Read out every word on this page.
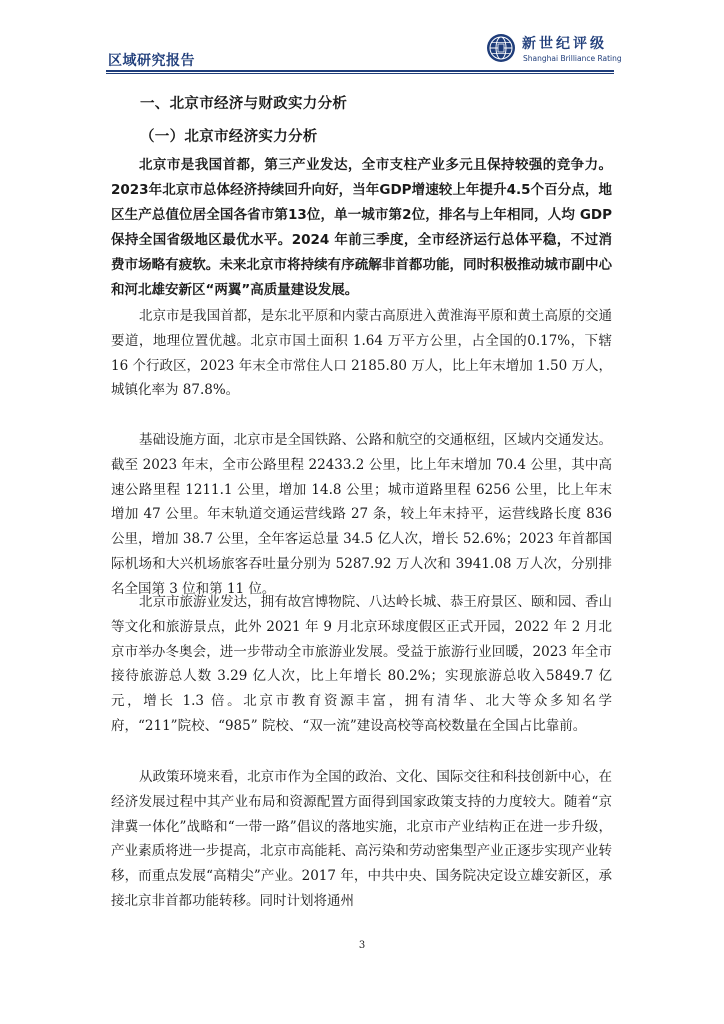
区域研究报告
新世纪评级
Shanghai Brilliance Rating
一、北京市经济与财政实力分析
（一）北京市经济实力分析

北京市是我国首都，第三产业发达，全市支柱产业多元且保持较强的竞争力。2023年北京市总体经济持续回升向好，当年GDP增速较上年提升4.5个百分点，地区生产总值位居全国各省市第13位，单一城市第2位，排名与上年相同，人均 GDP 保持全国省级地区最优水平。2024 年前三季度，全市经济运行总体平稳，不过消费市场略有疲软。未来北京市将持续有序疏解非首都功能，同时积极推动城市副中心和河北雄安新区“两翼”高质量建设发展。

北京市是我国首都，是东北平原和内蒙古高原进入黄淮海平原和黄土高原的交通要道，地理位置优越。北京市国土面积 1.64 万平方公里，占全国的0.17%，下辖 16 个行政区，2023 年末全市常住人口 2185.80 万人，比上年末增加 1.50 万人，城镇化率为 87.8%。

基础设施方面，北京市是全国铁路、公路和航空的交通枢纽，区域内交通发达。截至 2023 年末，全市公路里程 22433.2 公里，比上年末增加 70.4 公里，其中高速公路里程 1211.1 公里，增加 14.8 公里；城市道路里程 6256 公里，比上年末增加 47 公里。年末轨道交通运营线路 27 条，较上年末持平，运营线路长度 836 公里，增加 38.7 公里，全年客运总量 34.5 亿人次，增长 52.6%；2023 年首都国际机场和大兴机场旅客吞吐量分别为 5287.92 万人次和 3941.08 万人次，分别排名全国第 3 位和第 11 位。

北京市旅游业发达，拥有故宫博物院、八达岭长城、恭王府景区、颐和园、香山等文化和旅游景点，此外 2021 年 9 月北京环球度假区正式开园，2022 年 2 月北京市举办冬奥会，进一步带动全市旅游业发展。受益于旅游行业回暖，2023 年全市接待旅游总人数 3.29 亿人次，比上年增长 80.2%；实现旅游总收入5849.7 亿元，增长 1.3 倍。北京市教育资源丰富，拥有清华、北大等众多知名学府，“211”院校、“985” 院校、“双一流”建设高校等高校数量在全国占比靠前。

从政策环境来看，北京市作为全国的政治、文化、国际交往和科技创新中心，在经济发展过程中其产业布局和资源配置方面得到国家政策支持的力度较大。随着“京津冀一体化”战略和“一带一路”倡议的落地实施，北京市产业结构正在进一步升级，产业素质将进一步提高，北京市高能耗、高污染和劳动密集型产业正逐步实现产业转移，而重点发展“高精尖”产业。2017 年，中共中央、国务院决定设立雄安新区，承接北京非首都功能转移。同时计划将通州

3
